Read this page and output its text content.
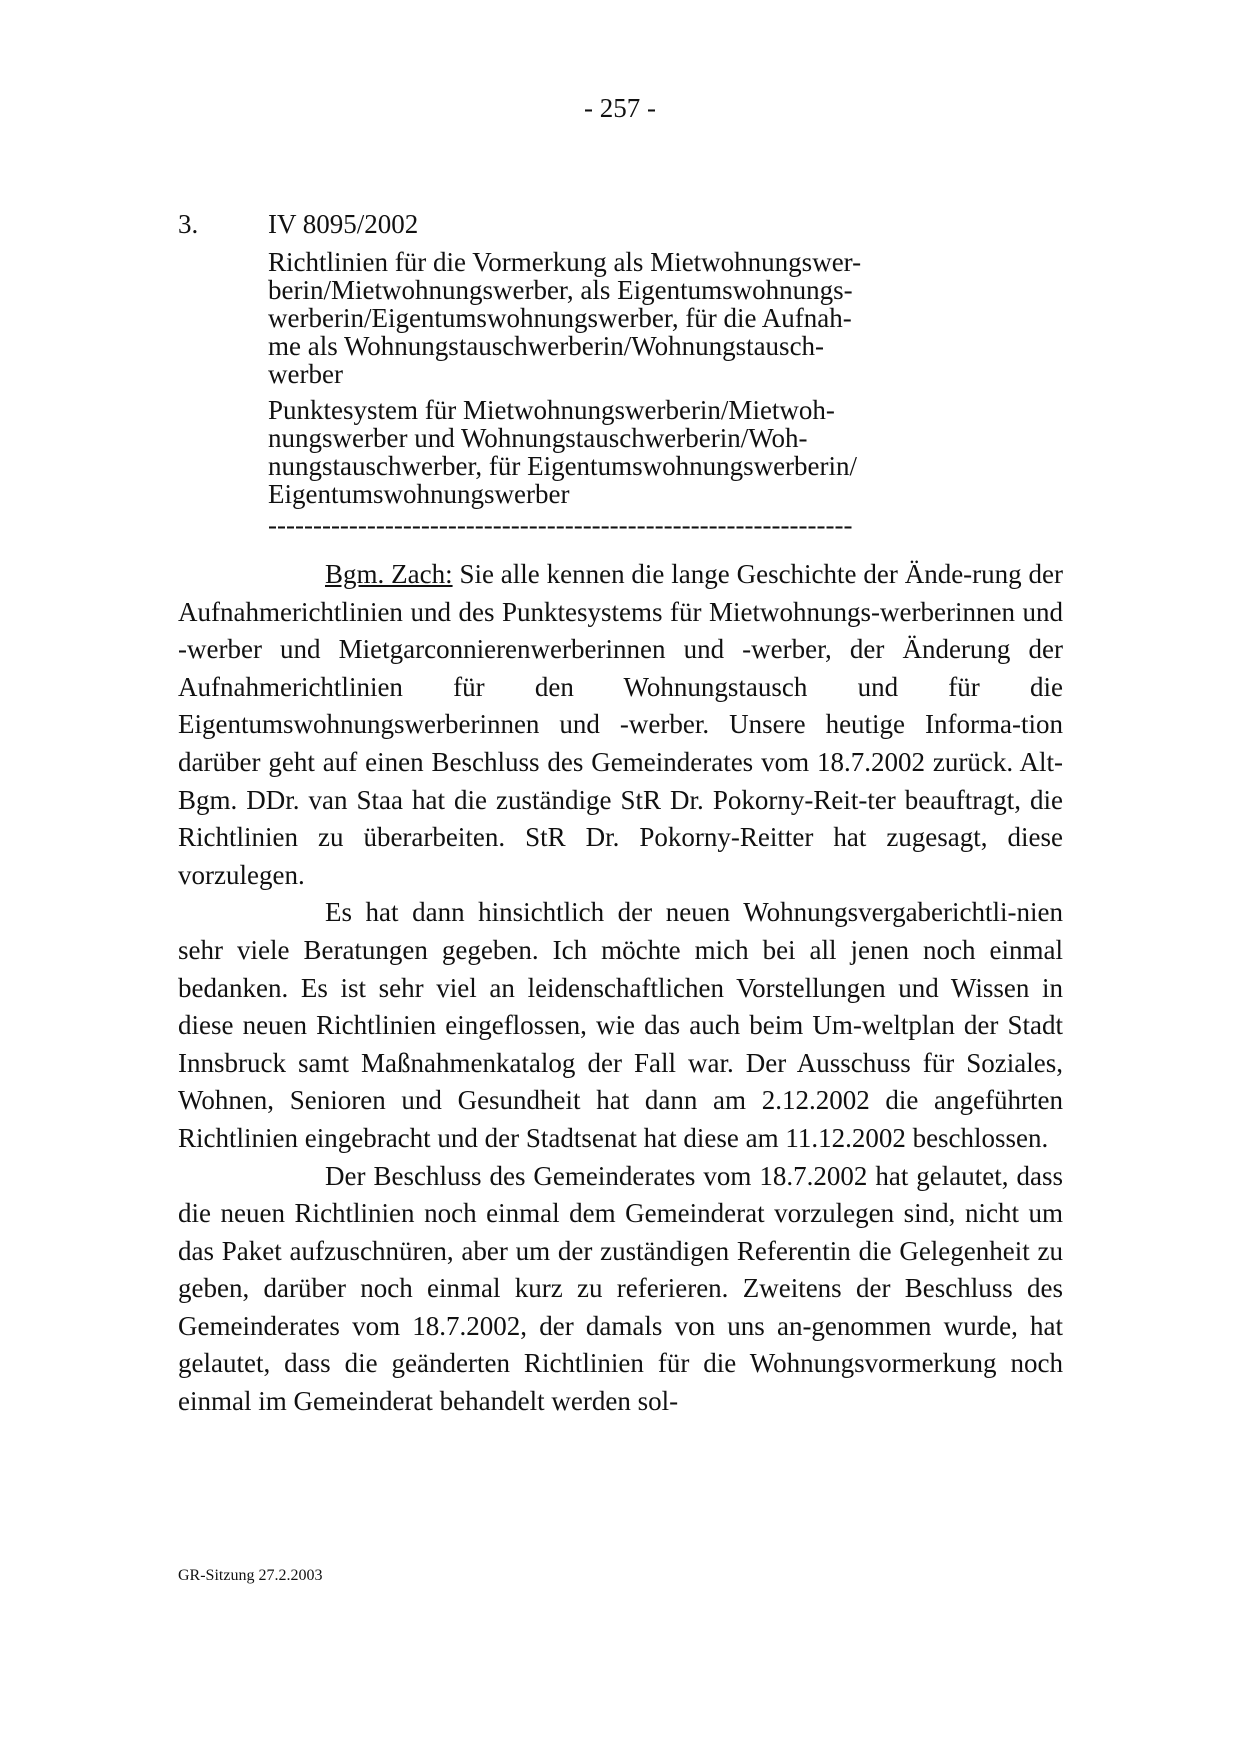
- 257 -
3.	IV 8095/2002

Richtlinien für die Vormerkung als Mietwohnungswer-

berin/Mietwohnungswerber, als Eigentumswohnungs-

werberin/Eigentumswohnungswerber, für die Aufnah-

me als Wohnungstauschwerberin/Wohnungstausch-

werber

Punktesystem für Mietwohnungswerberin/Mietwoh-

nungswerber und Wohnungstauschwerberin/Woh-

nungstauschwerber, für Eigentumswohnungswerberin/

Eigentumswohnungswerber

-----------------------------------------------------------------

Bgm. Zach: Sie alle kennen die lange Geschichte der Ände-rung der Aufnahmerichtlinien und des Punktesystems für Mietwohnungs-werberinnen und -werber und Mietgarconnierenwerberinnen und -werber, der Änderung der Aufnahmerichtlinien für den Wohnungstausch und für die Eigentumswohnungswerberinnen und -werber. Unsere heutige Informa-tion darüber geht auf einen Beschluss des Gemeinderates vom 18.7.2002 zurück. Alt-Bgm. DDr. van Staa hat die zuständige StR Dr. Pokorny-Reit-ter beauftragt, die Richtlinien zu überarbeiten. StR Dr. Pokorny-Reitter hat zugesagt, diese vorzulegen.

Es hat dann hinsichtlich der neuen Wohnungsvergaberichtli-nien sehr viele Beratungen gegeben. Ich möchte mich bei all jenen noch einmal bedanken. Es ist sehr viel an leidenschaftlichen Vorstellungen und Wissen in diese neuen Richtlinien eingeflossen, wie das auch beim Um-weltplan der Stadt Innsbruck samt Maßnahmenkatalog der Fall war. Der Ausschuss für Soziales, Wohnen, Senioren und Gesundheit hat dann am 2.12.2002 die angeführten Richtlinien eingebracht und der Stadtsenat hat diese am 11.12.2002 beschlossen.

Der Beschluss des Gemeinderates vom 18.7.2002 hat gelautet, dass die neuen Richtlinien noch einmal dem Gemeinderat vorzulegen sind, nicht um das Paket aufzuschnüren, aber um der zuständigen Referentin die Gelegenheit zu geben, darüber noch einmal kurz zu referieren. Zweitens der Beschluss des Gemeinderates vom 18.7.2002, der damals von uns an-genommen wurde, hat gelautet, dass die geänderten Richtlinien für die Wohnungsvormerkung noch einmal im Gemeinderat behandelt werden sol-

GR-Sitzung 27.2.2003
